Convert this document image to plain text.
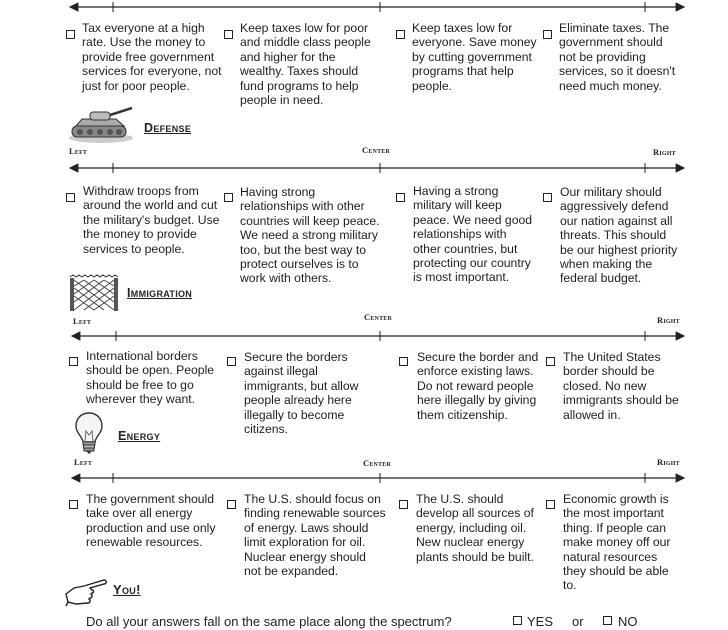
Tax everyone at a high rate. Use the money to provide free government services for everyone, not just for poor people.
Keep taxes low for poor and middle class people and higher for the wealthy. Taxes should fund programs to help people in need.
Keep taxes low for everyone. Save money by cutting government programs that help people.
Eliminate taxes. The government should not be providing services, so it doesn't need much money.
Defense
Left	Center	Right
Withdraw troops from around the world and cut the military's budget. Use the money to provide services to people.
Having strong relationships with other countries will keep peace. We need a strong military too, but the best way to protect ourselves is to work with others.
Having a strong military will keep peace. We need good relationships with other countries, but protecting our country is most important.
Our military should aggressively defend our nation against all threats. This should be our highest priority when making the federal budget.
Immigration
Left	Center	Right
International borders should be open. People should be free to go wherever they want.
Secure the borders against illegal immigrants, but allow people already here illegally to become citizens.
Secure the border and enforce existing laws. Do not reward people here illegally by giving them citizenship.
The United States border should be closed. No new immigrants should be allowed in.
Energy
Left	Center	Right
The government should take over all energy production and use only renewable resources.
The U.S. should focus on finding renewable sources of energy. Laws should limit exploration for oil. Nuclear energy should not be expanded.
The U.S. should develop all sources of energy, including oil. New nuclear energy plants should be built.
Economic growth is the most important thing. If people can make money off our natural resources they should be able to.
You!
Do all your answers fall on the same place along the spectrum?	YES or	NO
